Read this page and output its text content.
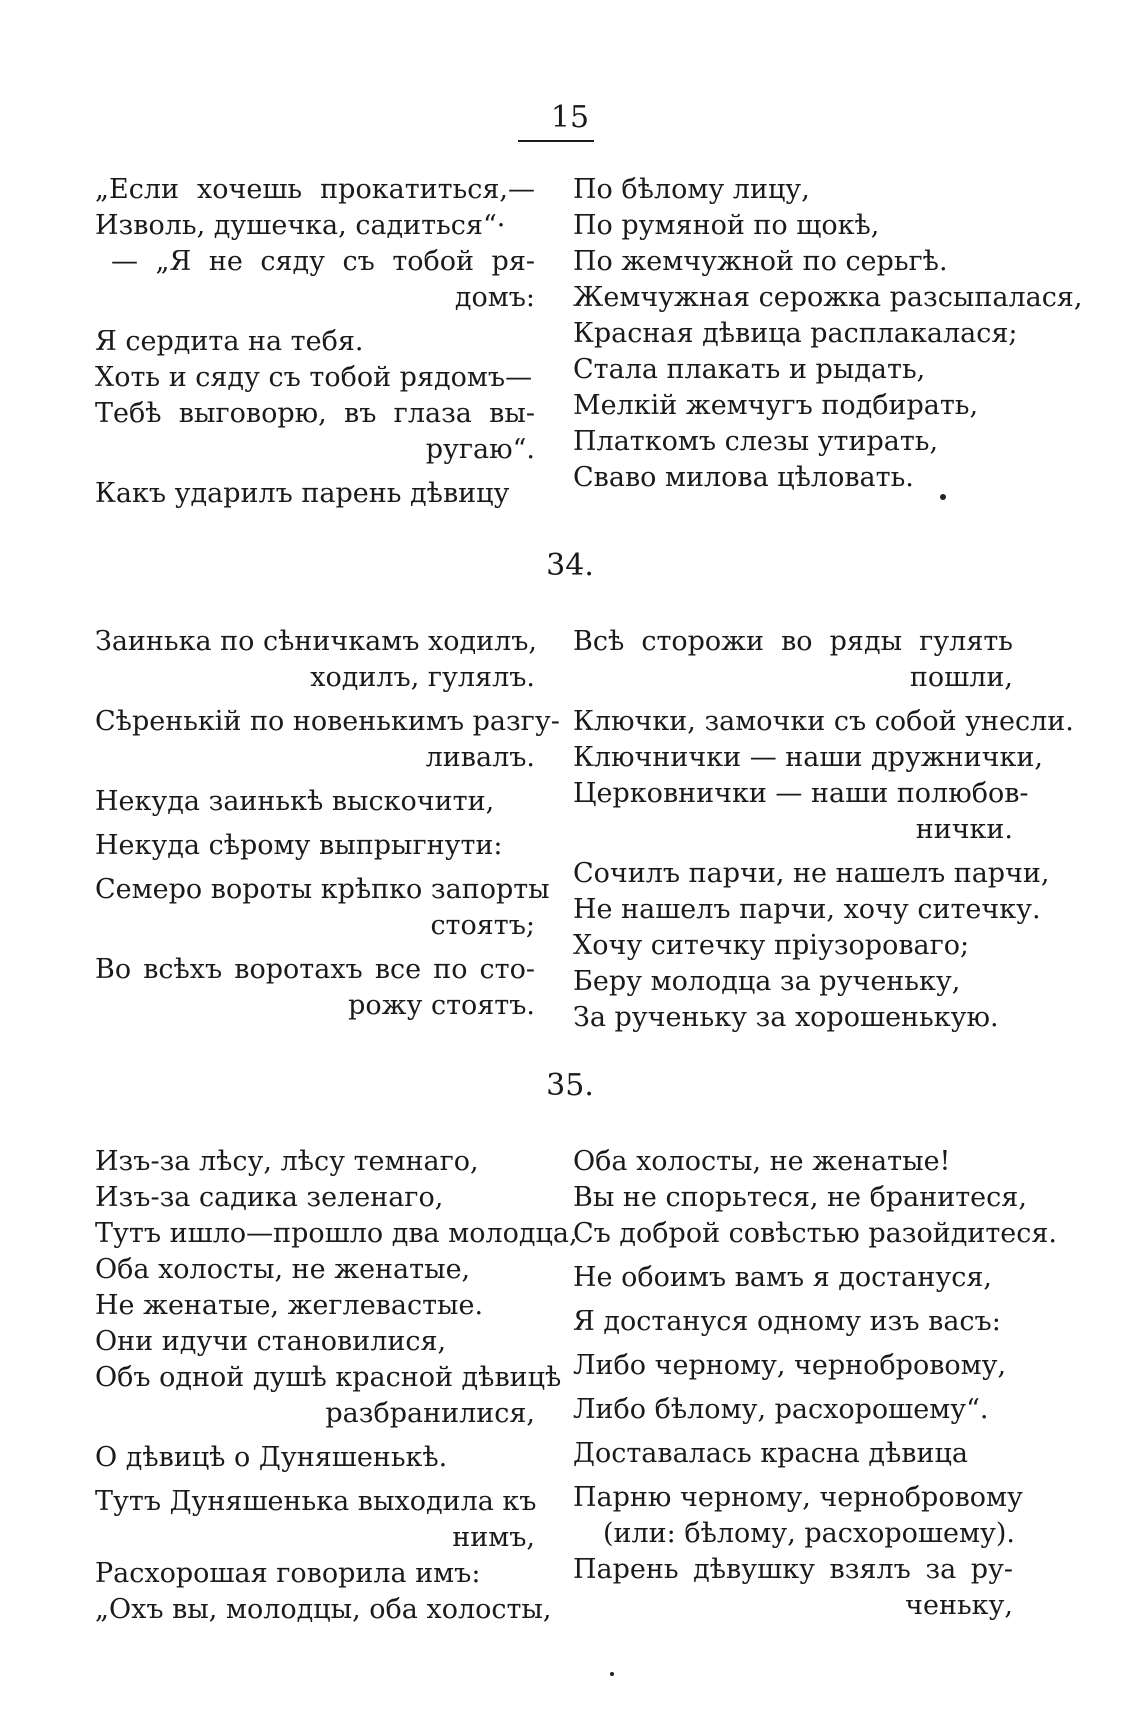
15
„Если хочешь прокатиться,—
Изволь, душечка, садиться“·
— „Я не сяду съ тобой ря-
домъ:
Я сердита на тебя.
Хоть и сяду съ тобой рядомъ—
Тебѣ выговорю, въ глаза вы-
ругаю“.
Какъ ударилъ парень дѣвицу
По бѣлому лицу,
По румяной по щокѣ,
По жемчужной по серьгѣ.
Жемчужная серожка разсыпалася,
Красная дѣвица расплакалася;
Стала плакать и рыдать,
Мелкій жемчугъ подбирать,
Платкомъ слезы утирать,
Сваво милова цѣловать.
34.
Заинька по сѣничкамъ ходилъ,
ходилъ, гулялъ.
Сѣренькій по новенькимъ разгу-
ливалъ.
Некуда заинькѣ выскочити,
Некуда сѣрому выпрыгнути:
Семеро вороты крѣпко запорты
стоятъ;
Во всѣхъ воротахъ все по сто-
рожу стоятъ.
Всѣ сторожи во ряды гулять
пошли,
Ключки, замочки съ собой унесли.
Ключнички — наши дружнички,
Церковнички — наши полюбов-
нички.
Сочилъ парчи, не нашелъ парчи,
Не нашелъ парчи, хочу ситечку.
Хочу ситечку пріузороваго;
Беру молодца за рученьку,
За рученьку за хорошенькую.
35.
Изъ-за лѣсу, лѣсу темнаго,
Изъ-за садика зеленаго,
Тутъ ишло—прошло два молодца,
Оба холосты, не женатые,
Не женатые, жеглевастые.
Они идучи становилися,
Объ одной душѣ красной дѣвицѣ
разбранилися,
О дѣвицѣ о Дуняшенькѣ.
Тутъ Дуняшенька выходила къ
нимъ,
Расхорошая говорила имъ:
„Охъ вы, молодцы, оба холосты,
Оба холосты, не женатые!
Вы не спорьтеся, не бранитеся,
Съ доброй совѣстью разойдитеся.
Не обоимъ вамъ я достануся,
Я достануся одному изъ васъ:
Либо черному, чернобровому,
Либо бѣлому, расхорошему“.
Доставалась красна дѣвица
Парню черному, чернобровому
(или: бѣлому, расхорошему).
Парень дѣвушку взялъ за ру-
ченьку,
